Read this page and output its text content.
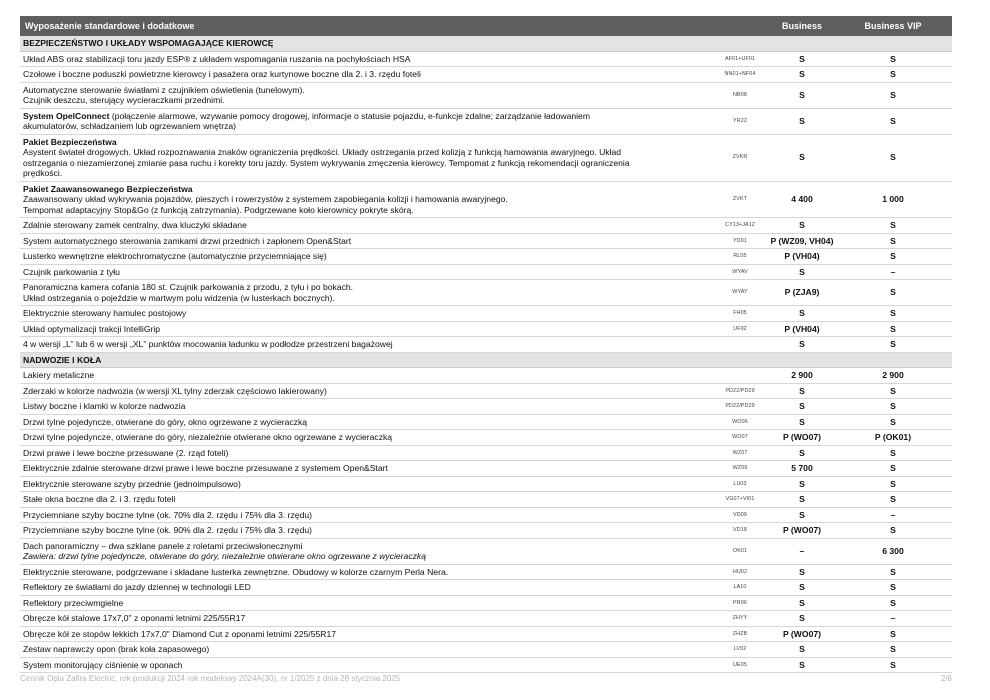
Wyposażenie standardowe i dodatkowe	Business	Business VIP
BEZPIECZEŃSTWO I UKŁADY WSPOMAGAJĄCE KIEROWCĘ
Układ ABS oraz stabilizacji toru jazdy ESP® z układem wspomagania ruszania na pochyłościach HSA	AF01+UF01	S	S
Czołowe i boczne poduszki powietrzne kierowcy i pasażera oraz kurtynowe boczne dla 2. i 3. rzędu foteli	NN01+NF04	S	S
Automatyczne sterowanie światłami z czujnikiem oświetlenia (tunelowym).
Czujnik deszczu, sterujący wycieraczkami przednimi.
NB08	S	S
System OpelConnect (połączenie alarmowe, wzywanie pomocy drogowej, informacje o statusie pojazdu, e-funkcje zdalne; zarządzanie ładowaniem
akumulatorów, schładzaniem lub ogrzewaniem wnętrza)
YR22	S	S
Pakiet Bezpieczeństwa
Asystent świateł drogowych. Układ rozpoznawania znaków ograniczenia prędkości. Układy ostrzegania przed kolizją z funkcją hamowania awaryjnego. Układ
ostrzegania o niezamierzonej zmianie pasa ruchu i korekty toru jazdy. System wykrywania zmęczenia kierowcy. Tempomat z funkcją rekomendacji ograniczenia
prędkości.
ZVKR	S	S
Pakiet Zaawansowanego Bezpieczeństwa
Zaawansowany układ wykrywania pojazdów, pieszych i rowerzystów z systemem zapobiegania kolizji i hamowania awaryjnego.
Tempomat adaptacyjny Stop&Go (z funkcją zatrzymania). Podgrzewane koło kierownicy pokryte skórą.
ZVKT	4 400	1 000
Zdalnie sterowany zamek centralny, dwa kluczyki składane	CY13+JA12	S	S
System automatycznego sterowania zamkami drzwi przednich i zapłonem Open&Start	YD01	P (WZ09, VH04)	S
Lusterko wewnętrzne elektrochromatyczne (automatycznie przyciemniające się)	RL05	P (VH04)	S
Czujnik parkowania z tyłu	WYAV	S	–
Panoramiczna kamera cofania 180 st. Czujnik parkowania z przodu, z tyłu i po bokach.
Układ ostrzegania o pojeździe w martwym polu widzenia (w lusterkach bocznych).
WYAY	P (ZJA9)	S
Elektrycznie sterowany hamulec postojowy	FH05	S	S
Układ optymalizacji trakcji IntelliGrip	UF02	P (VH04)	S
4 w wersji „L” lub 6 w wersji „XL” punktów mocowania ładunku w podłodze przestrzeni bagażowej	S	S
NADWOZIE I KOŁA
Lakiery metaliczne	2 900	2 900
Zderzaki w kolorze nadwozia (w wersji XL tylny zderzak częściowo lakierowany)	PD22/PD29	S	S
Listwy boczne i klamki w kolorze nadwozia	PD22/PD29	S	S
Drzwi tylne pojedyncze, otwierane do góry, okno ogrzewane z wycieraczką	WO06	S	S
Drzwi tylne pojedyncze, otwierane do góry, niezależnie otwierane okno ogrzewane z wycieraczką	WO07	P (WO07)	P (OK01)
Drzwi prawe i lewe boczne przesuwane (2. rząd foteli)	WZ07	S	S
Elektrycznie zdalnie sterowane drzwi prawe i lewe boczne przesuwane z systemem Open&Start	WZ09	5 700	S
Elektrycznie sterowane szyby przednie (jednoimpulsowo)	LU03	S	S
Stałe okna boczne dla 2. i 3. rzędu foteli	VG07+VI01	S	S
Przyciemniane szyby boczne tylne (ok. 70% dla 2. rzędu i 75% dla 3. rzędu)	VD09	S	–
Przyciemniane szyby boczne tylne (ok. 90% dla 2. rzędu i 75% dla 3. rzędu)	VD18	P (WO07)	S
Dach panoramiczny – dwa szklane panele z roletami przeciwsłonecznymi
Zawiera: drzwi tylne pojedyncze, otwierane do góry, niezależnie otwierane okno ogrzewane z wycieraczką
OK01	–	6 300
Elektrycznie sterowane, podgrzewane i składane lusterka zewnętrzne. Obudowy w kolorze czarnym Perla Nera.	HU02	S	S
Reflektory ze światłami do jazdy dziennej w technologii LED	LA10	S	S
Reflektory przeciwmgielne	PR06	S	S
Obręcze kół stalowe 17x7,0" z oponami letnimi 225/55R17	ZHYY	S	–
Obręcze kół ze stopów lekkich 17x7,0" Diamond Cut z oponami letnimi 225/55R17	ZHZB	P (WO07)	S
Zestaw naprawczy opon (brak koła zapasowego)	LV02	S	S
System monitorujący ciśnienie w oponach	UE05	S	S
Cennik Opla Zafira Electric, rok produkcji 2024 rok modelowy 2024A(30), nr 1/2025 z dnia 28 stycznia 2025	2/6
